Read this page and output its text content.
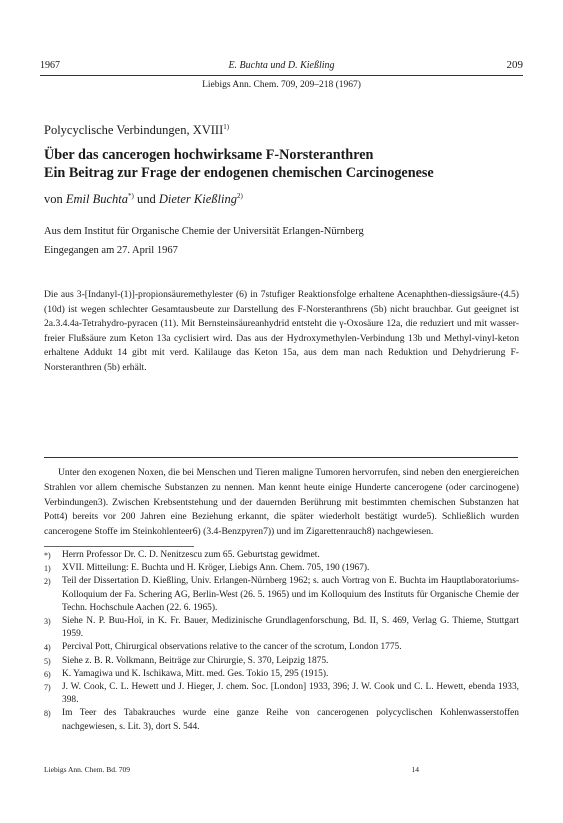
1967	E. Buchta und D. Kießling	209
Liebigs Ann. Chem. 709, 209–218 (1967)
Polycyclische Verbindungen, XVIII$^{1)}$
Über das cancerogen hochwirksame F-Norsteranthren
Ein Beitrag zur Frage der endogenen chemischen Carcinogenese
von Emil Buchta*) und Dieter Kießling$^{2)}$
Aus dem Institut für Organische Chemie der Universität Erlangen-Nürnberg
Eingegangen am 27. April 1967
Die aus 3-[Indanyl-(1)]-propionsäuremethylester (6) in 7stufiger Reaktionsfolge erhaltene Acenaphthen-diessigsäure-(4.5) (10d) ist wegen schlechter Gesamtausbeute zur Darstellung des F-Norsteranthrens (5b) nicht brauchbar. Gut geeignet ist 2a.3.4.4a-Tetrahydro-pyracen (11). Mit Bernsteinsäureanhydrid entsteht die γ-Oxosäure 12a, die reduziert und mit wasser- freier Flußsäure zum Keton 13a cyclisiert wird. Das aus der Hydroxymethylen-Verbindung 13b und Methyl-vinyl-keton erhaltene Addukt 14 gibt mit verd. Kalilauge das Keton 15a, aus dem man nach Reduktion und Dehydrierung F-Norsteranthren (5b) erhält.

Unter den exogenen Noxen, die bei Menschen und Tieren maligne Tumoren hervorrufen, sind neben den energiereichen Strahlen vor allem chemische Substanzen zu nennen. Man kennt heute einige Hunderte cancerogene (oder carcinogene) Verbindungen3). Zwischen Krebsentstehung und der dauernden Berührung mit bestimmten chemischen Substanzen hat Pott4) bereits vor 200 Jahren eine Beziehung erkannt, die später wiederholt bestätigt wurde5). Schließlich wurden cancerogene Stoffe im Steinkohlenteer6) (3.4-Benzpyren7)) und im Zigarettenrauch8) nachgewiesen.

*) Herrn Professor Dr. C. D. Nenitzescu zum 65. Geburtstag gewidmet.
1) XVII. Mitteilung: E. Buchta und H. Kröger, Liebigs Ann. Chem. 705, 190 (1967).
2) Teil der Dissertation D. Kießling, Univ. Erlangen-Nürnberg 1962; s. auch Vortrag von E. Buchta im Hauptlaboratoriums-Kolloquium der Fa. Schering AG, Berlin-West (26. 5. 1965) und im Kolloquium des Instituts für Organische Chemie der Techn. Hochschule Aachen (22. 6. 1965).
3) Siehe N. P. Buu-Hoï, in K. Fr. Bauer, Medizinische Grundlagenforschung, Bd. II, S. 469, Verlag G. Thieme, Stuttgart 1959.
4) Percival Pott, Chirurgical observations relative to the cancer of the scrotum, London 1775.
5) Siehe z. B. R. Volkmann, Beiträge zur Chirurgie, S. 370, Leipzig 1875.
6) K. Yamagiwa und K. Ischikawa, Mitt. med. Ges. Tokio 15, 295 (1915).
7) J. W. Cook, C. L. Hewett und J. Hieger, J. chem. Soc. [London] 1933, 396; J. W. Cook und C. L. Hewett, ebenda 1933, 398.
8) Im Teer des Tabakrauches wurde eine ganze Reihe von cancerogenen polycyclischen Kohlenwasserstoffen nachgewiesen, s. Lit. 3), dort S. 544.
Liebigs Ann. Chem. Bd. 709	14
